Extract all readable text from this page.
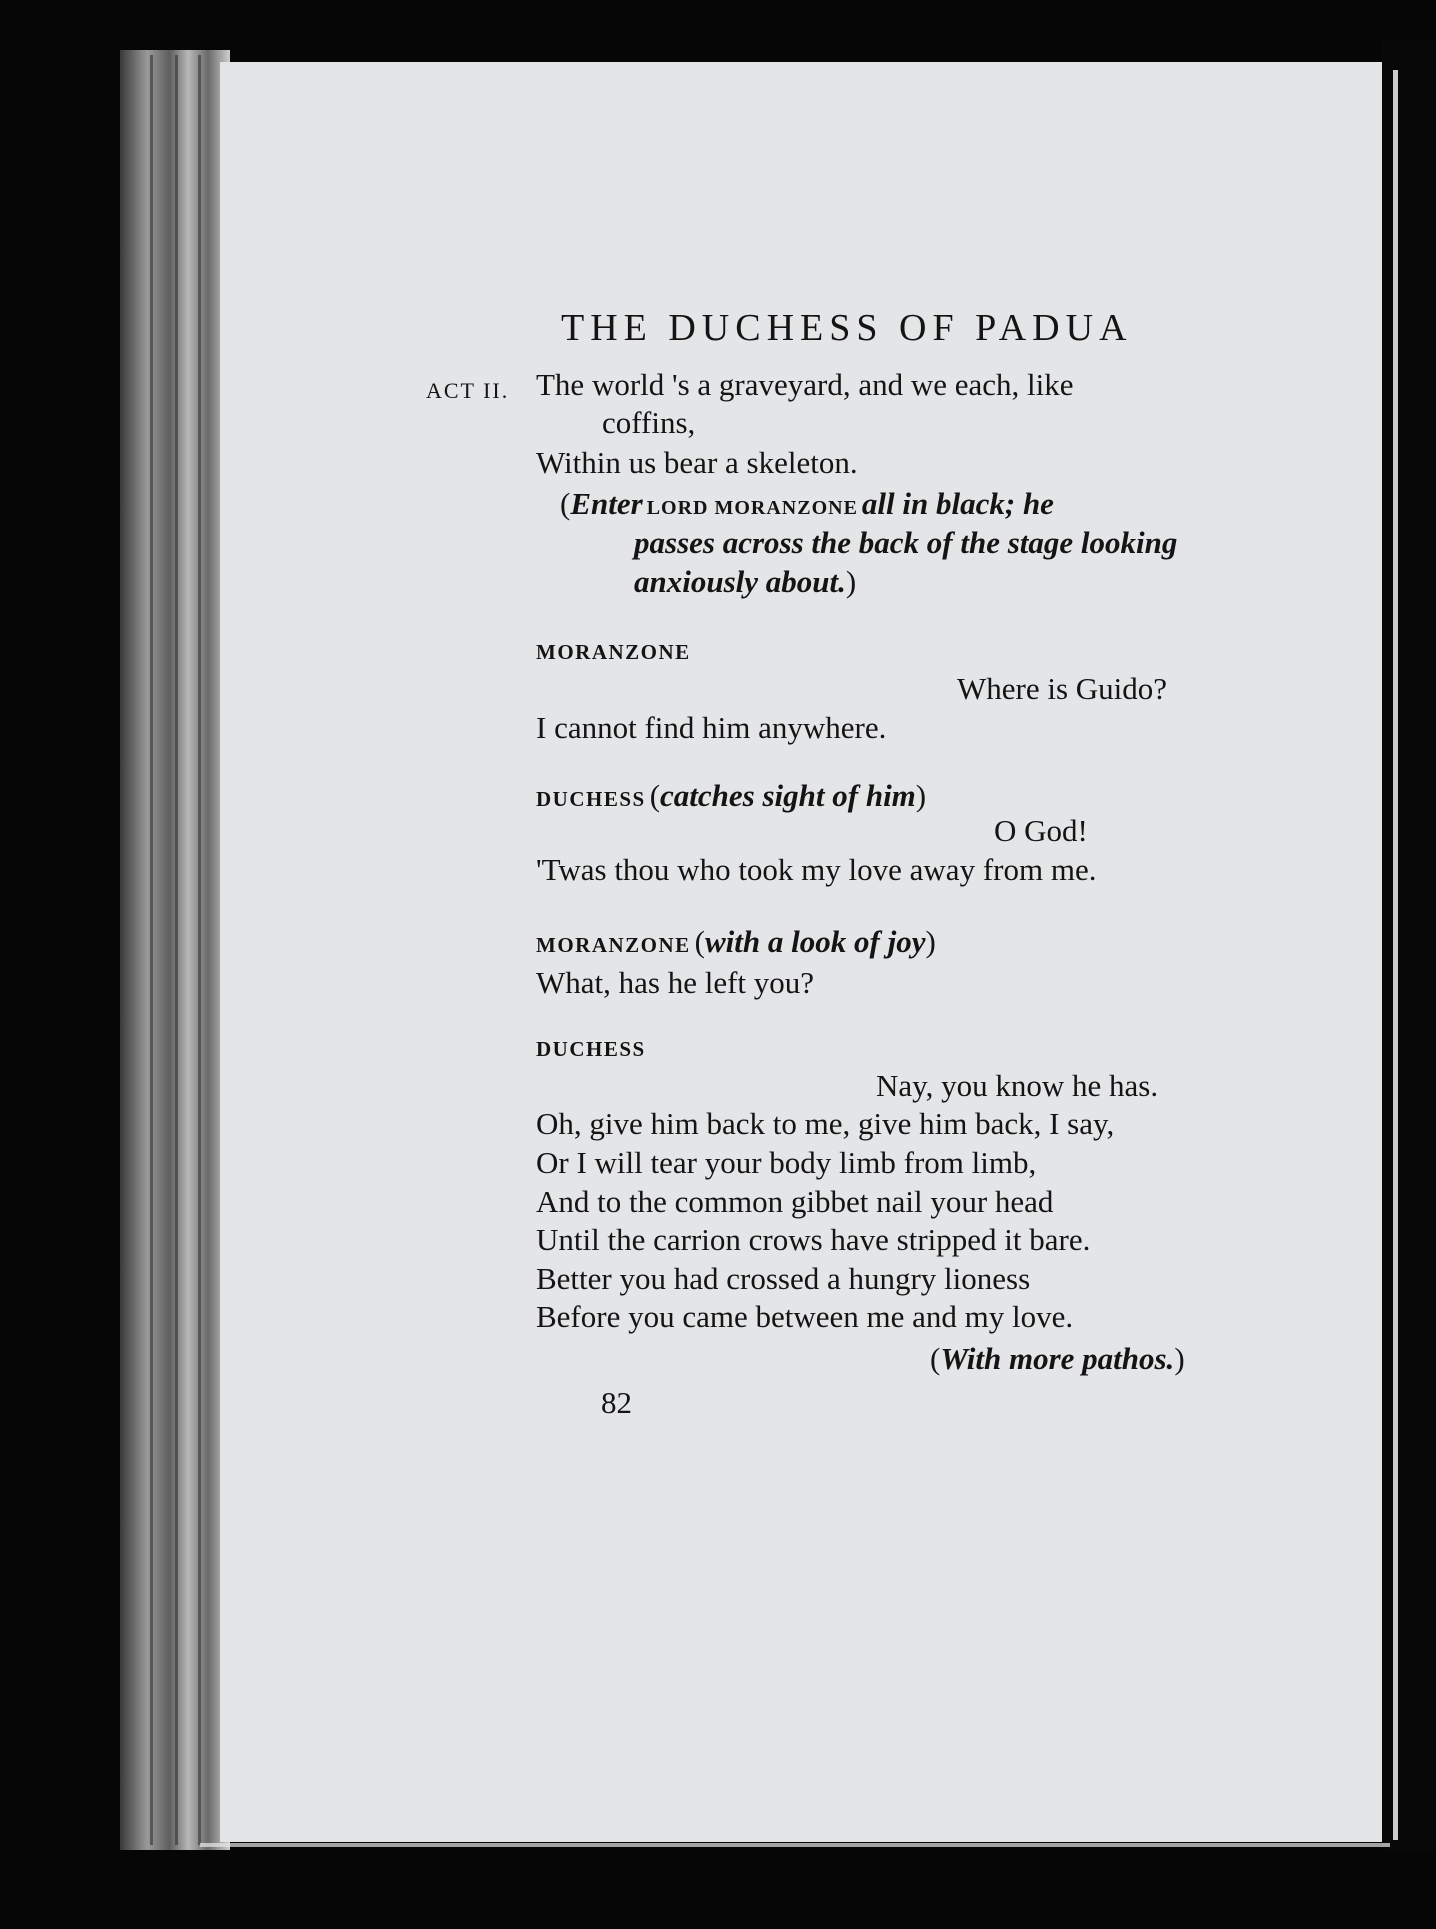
THE DUCHESS OF PADUA

ACT II. The world 's a graveyard, and we each, like

coffins,

Within us bear a skeleton.

(Enter LORD MORANZONE all in black; he

passes across the back of the stage looking

anxiously about.)

MORANZONE

Where is Guido?

I cannot find him anywhere.

DUCHESS (catches sight of him)

O God!

'Twas thou who took my love away from me.

MORANZONE (with a look of joy)

What, has he left you?

DUCHESS

Nay, you know he has.

Oh, give him back to me, give him back, I say,

Or I will tear your body limb from limb,

And to the common gibbet nail your head

Until the carrion crows have stripped it bare.

Better you had crossed a hungry lioness

Before you came between me and my love.

(With more pathos.)

82
